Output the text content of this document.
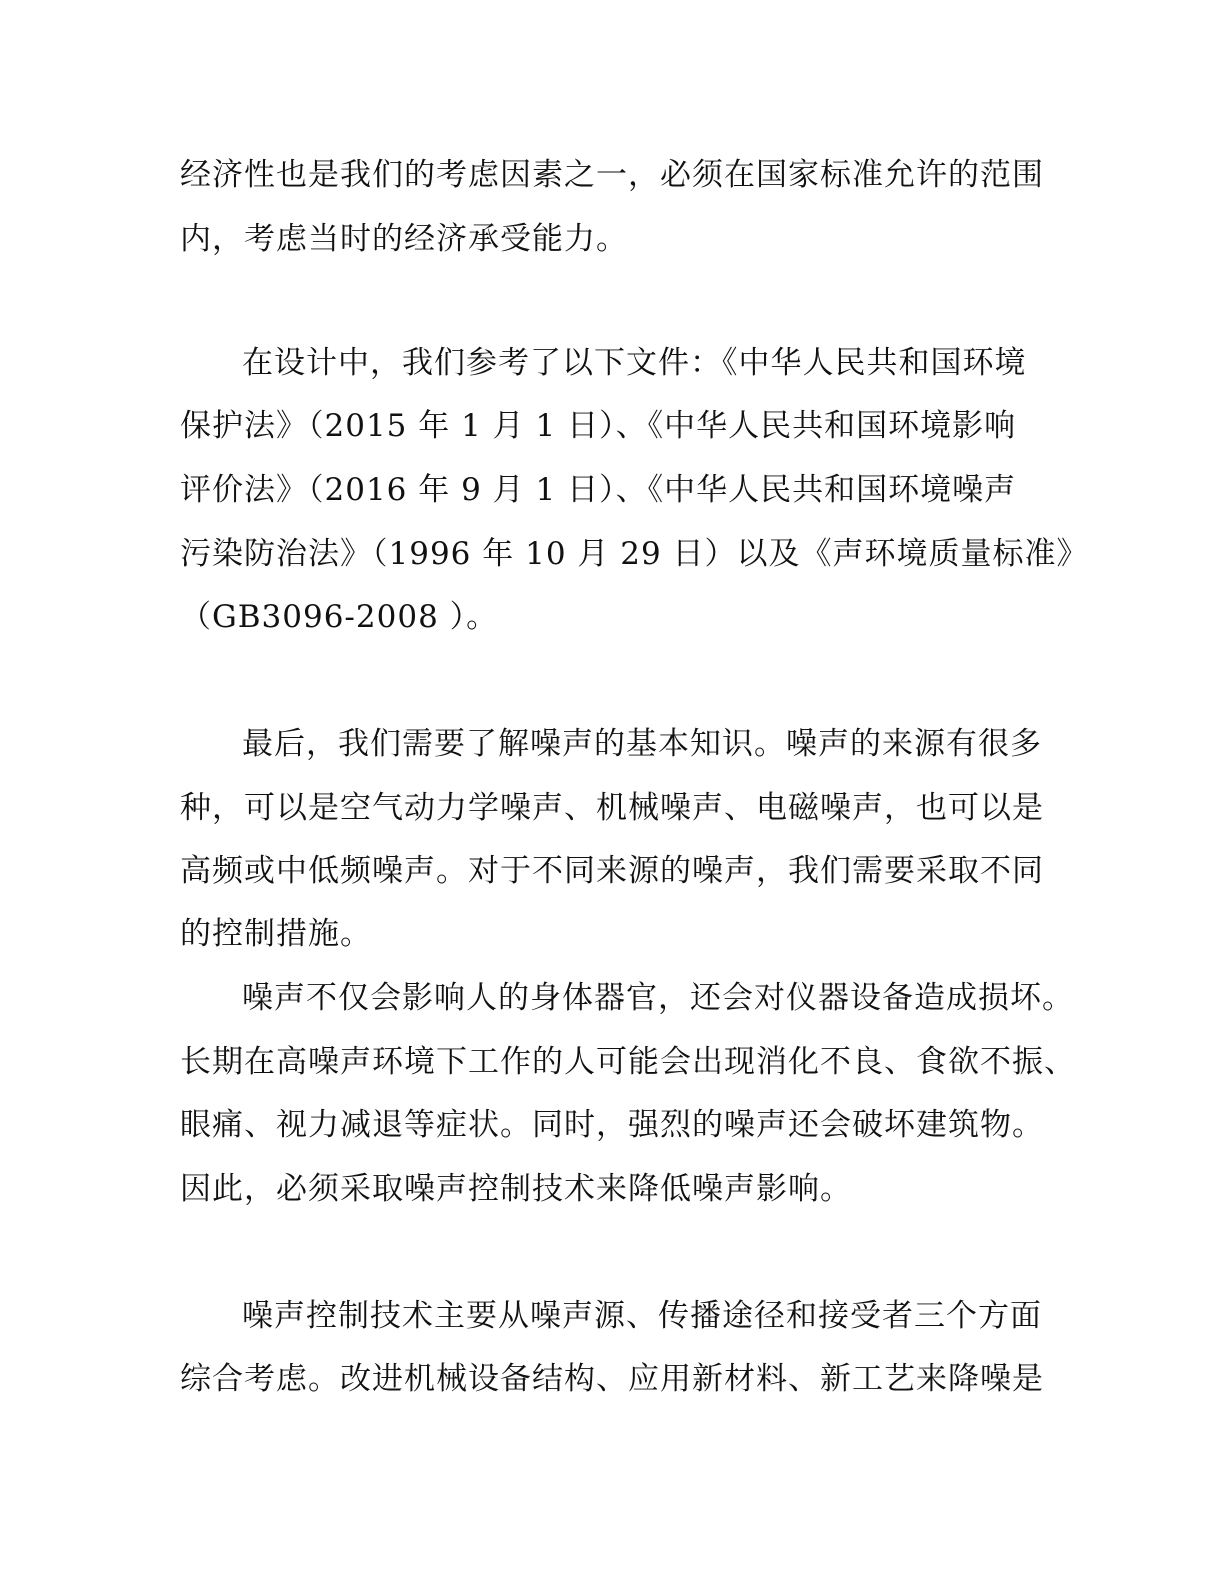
经济性也是我们的考虑因素之一，必须在国家标准允许的范围
内，考虑当时的经济承受能力。
在设计中，我们参考了以下文件：《中华人民共和国环境
保护法》（2015 年 1 月 1 日）、《中华人民共和国环境影响
评价法》（2016 年 9 月 1 日）、《中华人民共和国环境噪声
污染防治法》（1996 年 10 月 29 日）以及《声环境质量标准》
（GB3096-2008 ）。
最后，我们需要了解噪声的基本知识。噪声的来源有很多
种，可以是空气动力学噪声、机械噪声、电磁噪声，也可以是
高频或中低频噪声。对于不同来源的噪声，我们需要采取不同
的控制措施。
噪声不仅会影响人的身体器官，还会对仪器设备造成损坏。
长期在高噪声环境下工作的人可能会出现消化不良、食欲不振、
眼痛、视力减退等症状。同时，强烈的噪声还会破坏建筑物。
因此，必须采取噪声控制技术来降低噪声影响。
噪声控制技术主要从噪声源、传播途径和接受者三个方面
综合考虑。改进机械设备结构、应用新材料、新工艺来降噪是
